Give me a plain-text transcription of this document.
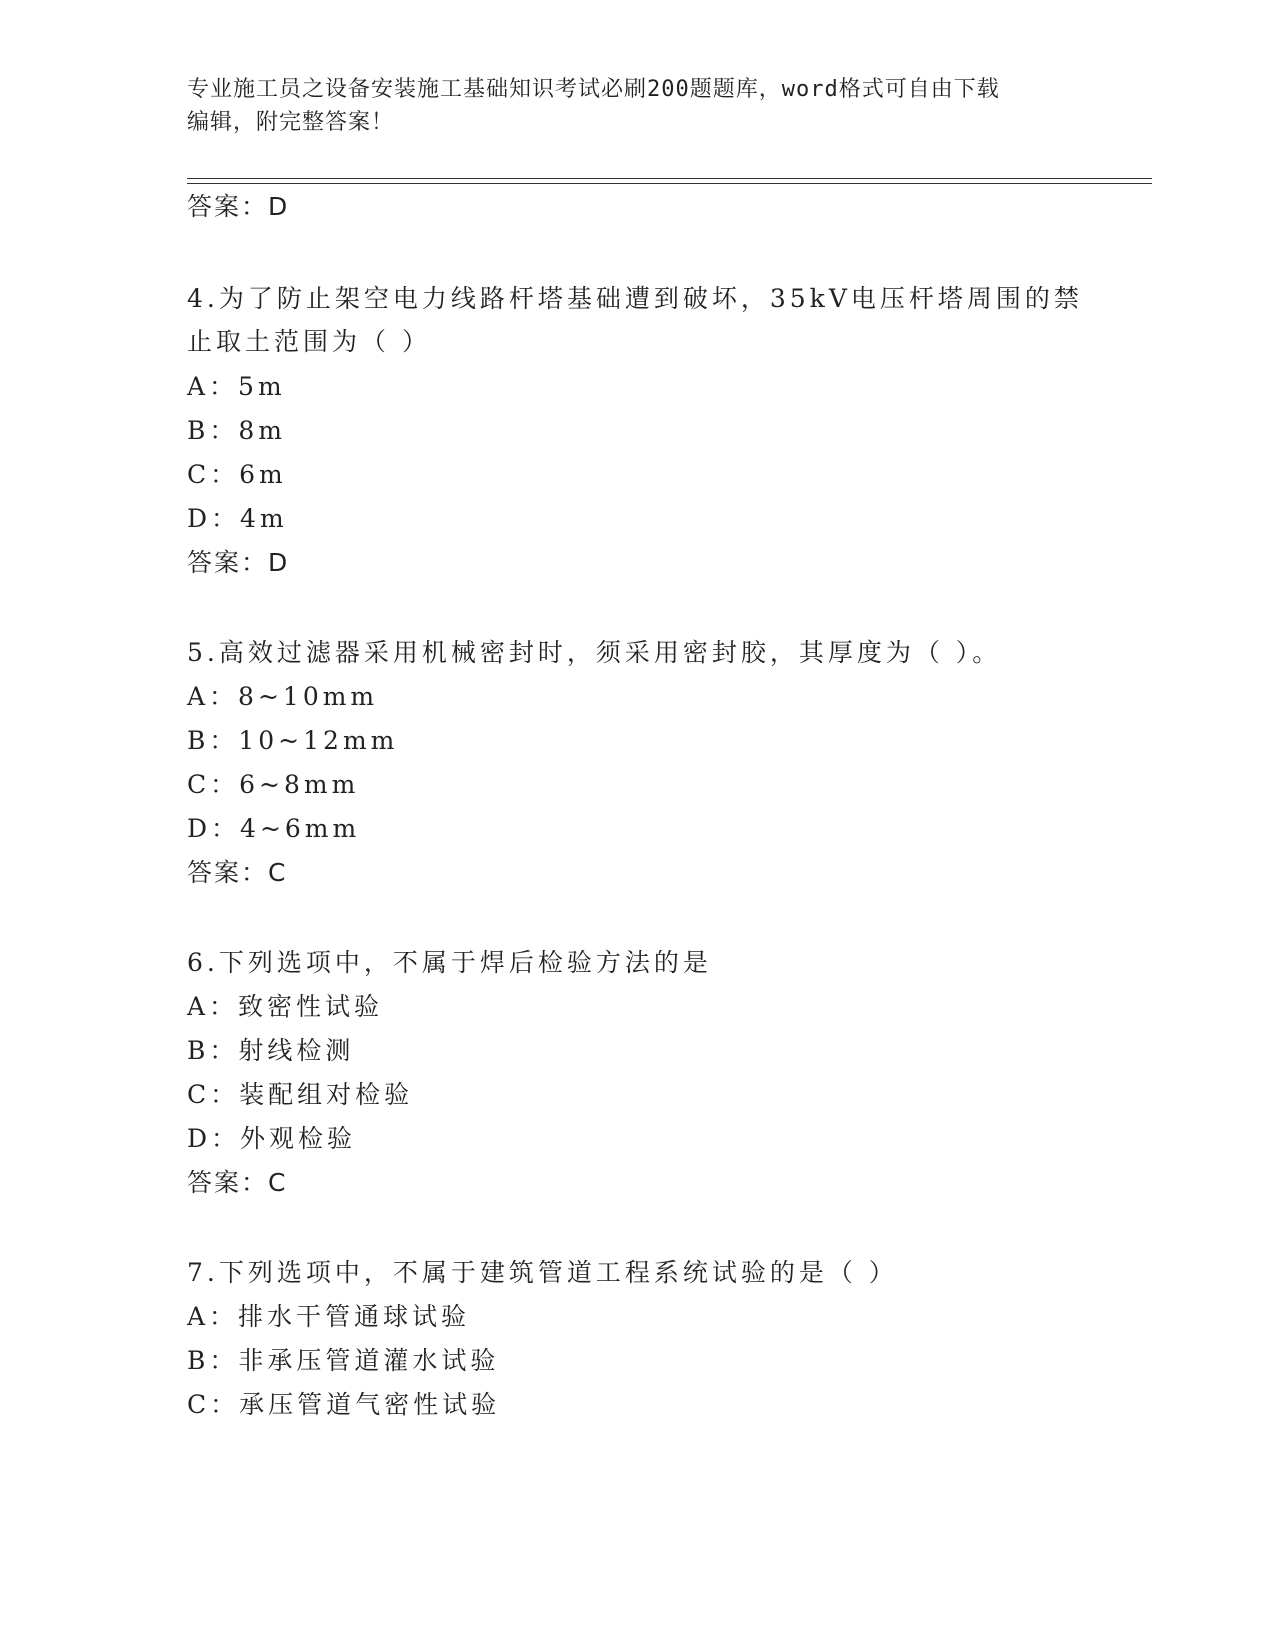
专业施工员之设备安装施工基础知识考试必刷200题题库，word格式可自由下载
编辑，附完整答案！
答案：D
4.为了防止架空电力线路杆塔基础遭到破坏，35kV电压杆塔周围的禁
止取土范围为（ ）
A：5m
B：8m
C：6m
D：4m
答案：D
5.高效过滤器采用机械密封时，须采用密封胶，其厚度为（ ）。
A：8~10mm
B：10~12mm
C：6~8mm
D：4~6mm
答案：C
6.下列选项中，不属于焊后检验方法的是
A：致密性试验
B：射线检测
C：装配组对检验
D：外观检验
答案：C
7.下列选项中，不属于建筑管道工程系统试验的是（ ）
A：排水干管通球试验
B：非承压管道灌水试验
C：承压管道气密性试验
